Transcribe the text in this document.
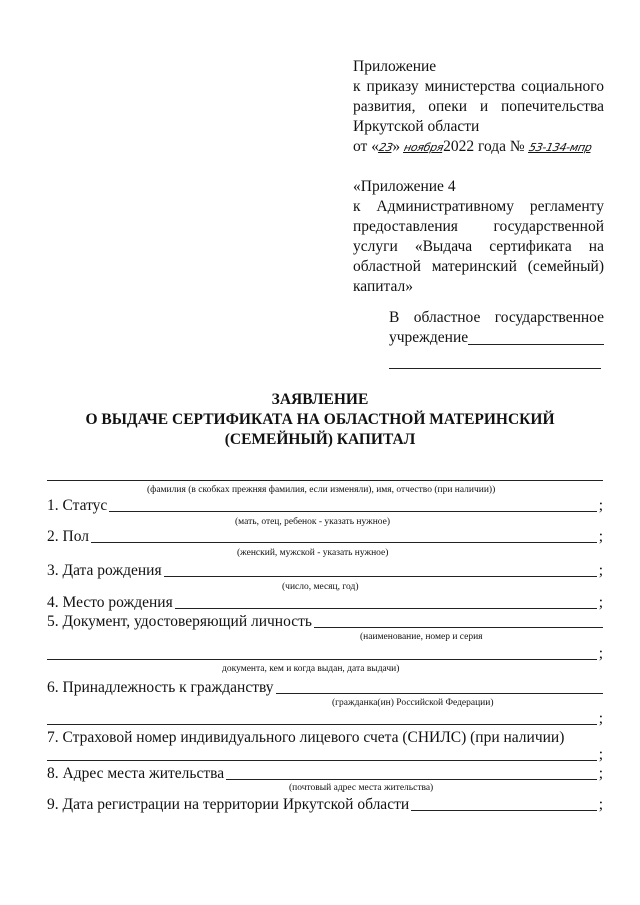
Приложение
к приказу министерства социального
развития, опеки и попечительства
Иркутской области
от «23» ноября2022 года № 53-134-мпр
«Приложение 4
к Административному регламенту
предоставления государственной
услуги «Выдача сертификата на
областной материнский (семейный)
капитал»
В областное государственное
учреждение
ЗАЯВЛЕНИЕ
О ВЫДАЧЕ СЕРТИФИКАТА НА ОБЛАСТНОЙ МАТЕРИНСКИЙ
(СЕМЕЙНЫЙ) КАПИТАЛ
(фамилия (в скобках прежняя фамилия, если изменяли), имя, отчество (при наличии))
1. Статус	;
(мать, отец, ребенок - указать нужное)
2. Пол	;
(женский, мужской - указать нужное)
3. Дата рождения	;
(число, месяц, год)
4. Место рождения	;
5. Документ, удостоверяющий личность
(наименование, номер и серия
;
документа, кем и когда выдан, дата выдачи)
6. Принадлежность к гражданству
(гражданка(ин) Российской Федерации)
;
7. Страховой номер индивидуального лицевого счета (СНИЛС) (при наличии)
;
8. Адрес места жительства	;
(почтовый адрес места жительства)
9. Дата регистрации на территории Иркутской области	;
